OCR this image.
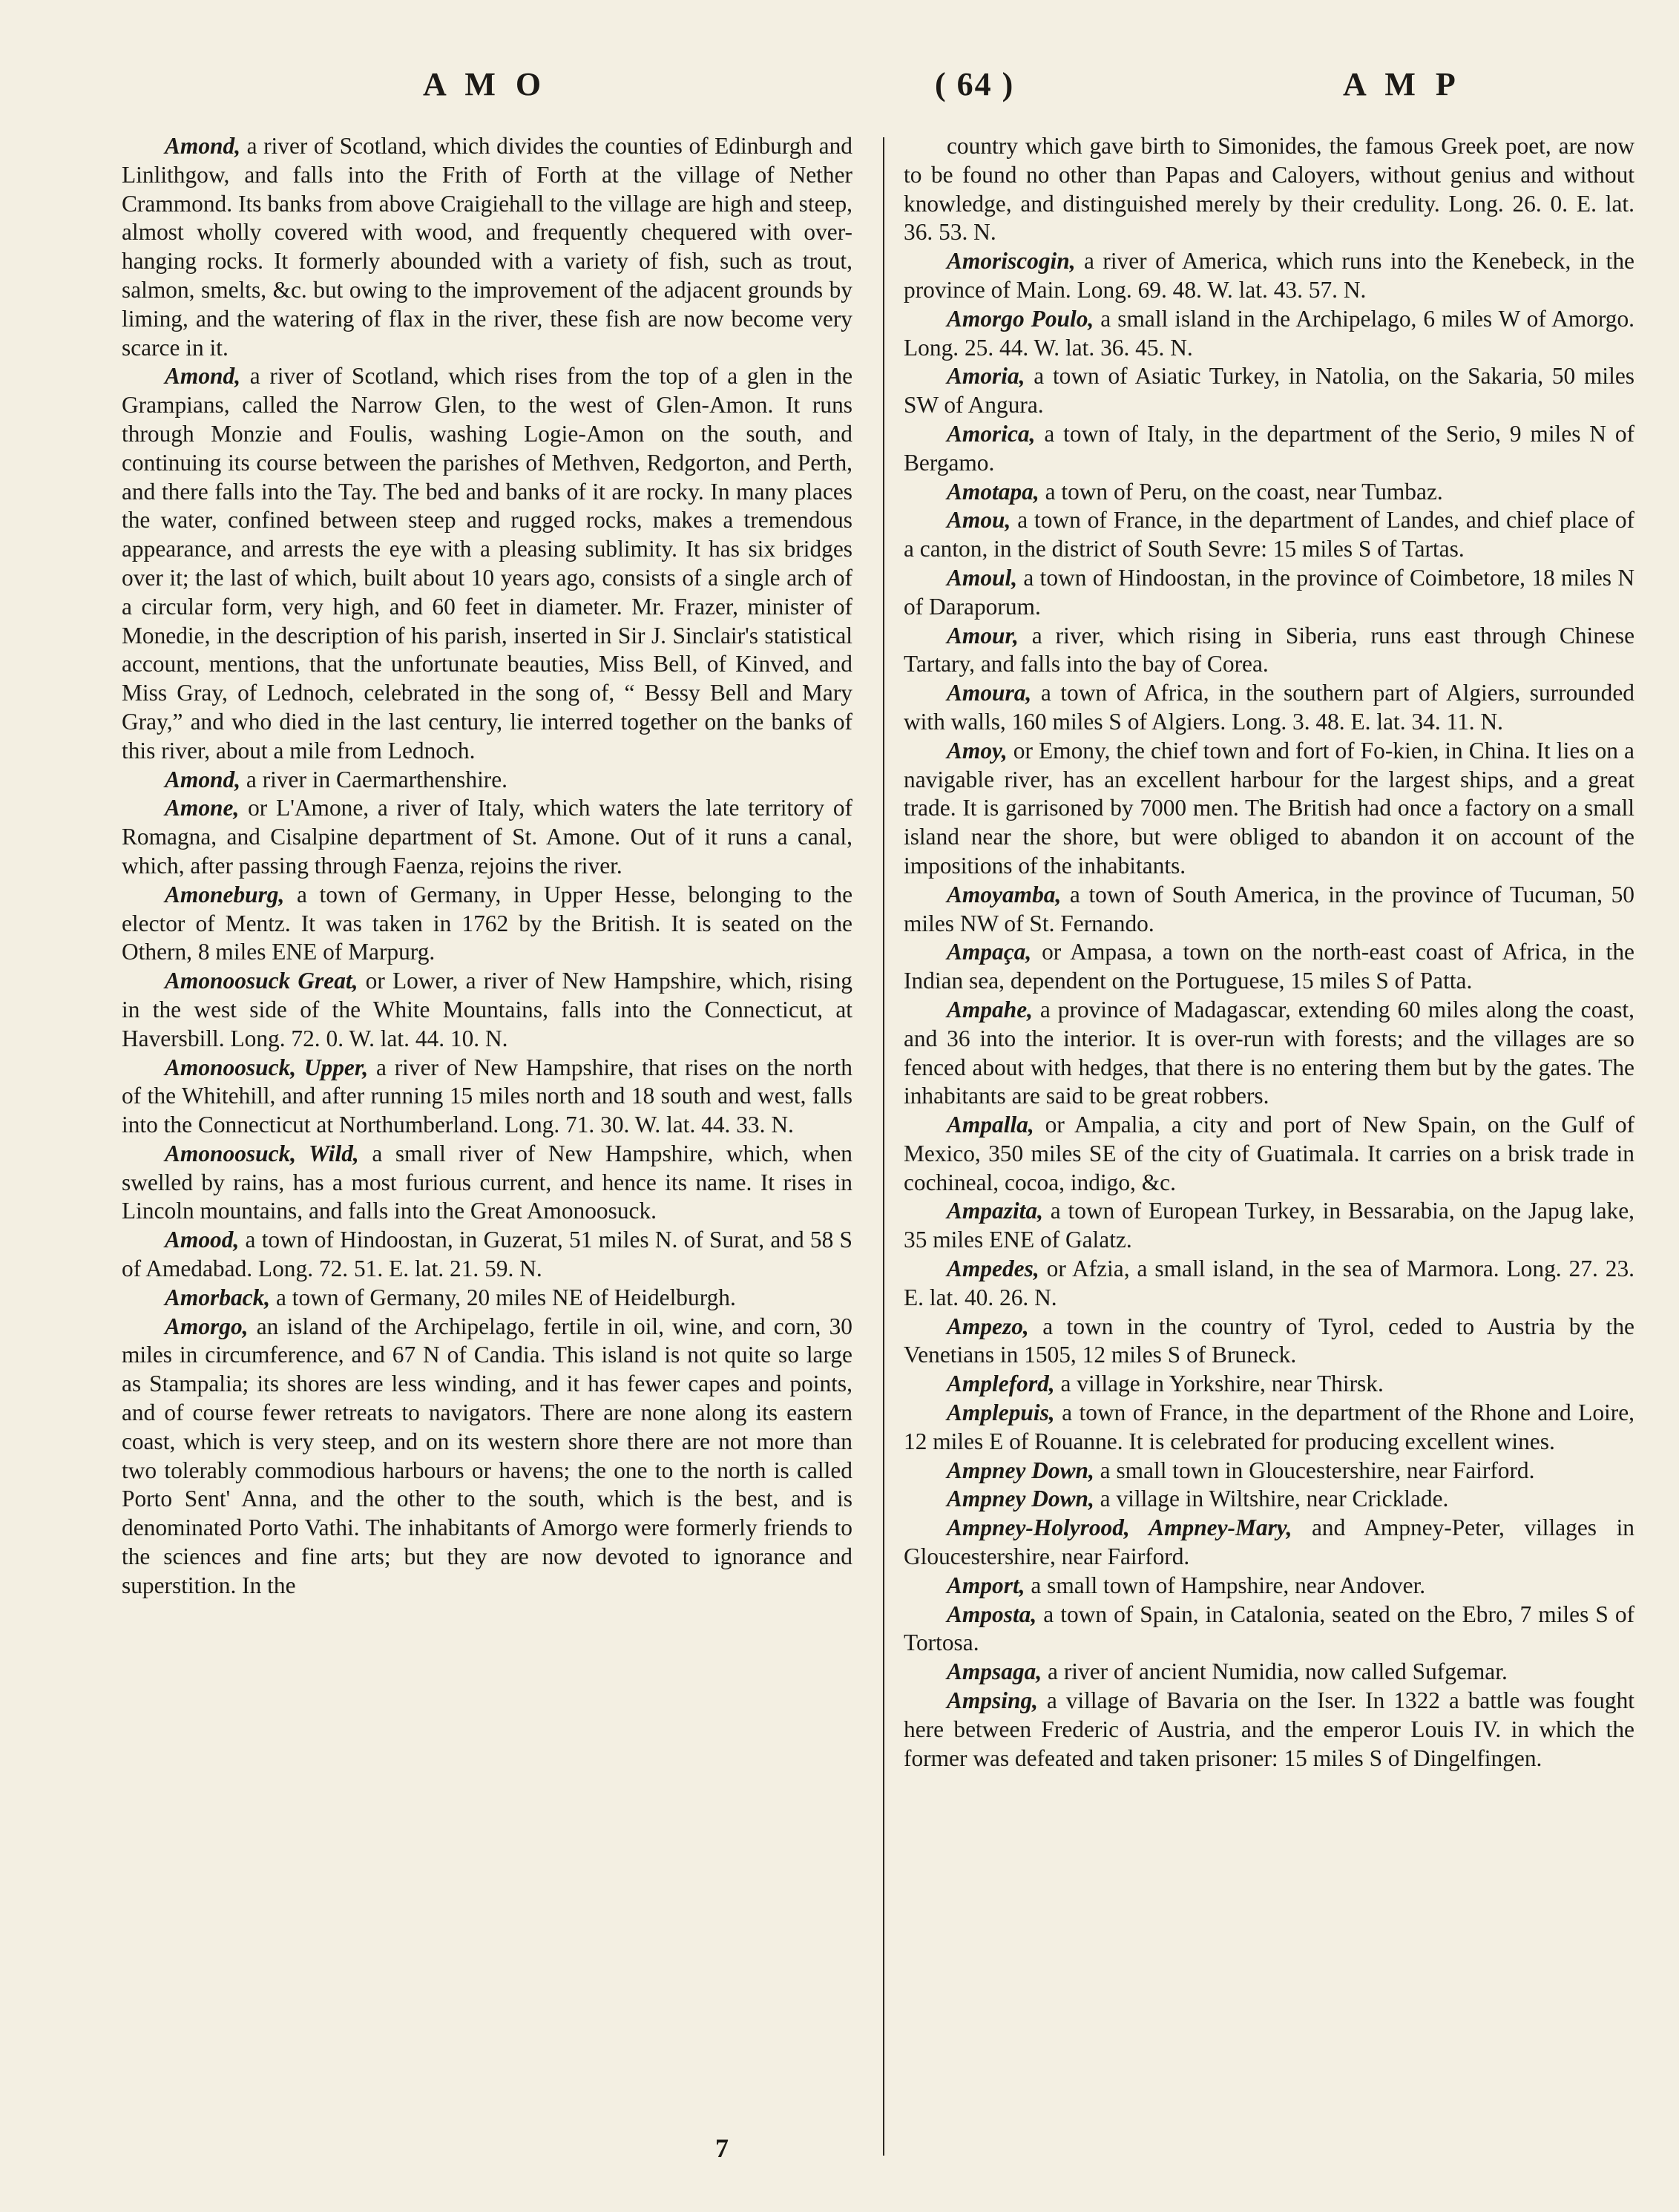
A M O	( 64 )	A M P

Amond, a river of Scotland, which divides the counties of Edinburgh and Linlithgow, and falls into the Frith of Forth at the village of Nether Crammond. Its banks from above Craigiehall to the village are high and steep, almost wholly covered with wood, and frequently chequered with over-hanging rocks. It formerly abounded with a variety of fish, such as trout, salmon, smelts, &c. but owing to the improvement of the adjacent grounds by liming, and the watering of flax in the river, these fish are now become very scarce in it.

Amond, a river of Scotland, which rises from the top of a glen in the Grampians, called the Narrow Glen, to the west of Glen-Amon. It runs through Monzie and Foulis, washing Logie-Amon on the south, and continuing its course between the parishes of Methven, Redgorton, and Perth, and there falls into the Tay. The bed and banks of it are rocky. In many places the water, confined between steep and rugged rocks, makes a tremendous appearance, and arrests the eye with a pleasing sublimity. It has six bridges over it; the last of which, built about 10 years ago, consists of a single arch of a circular form, very high, and 60 feet in diameter. Mr. Frazer, minister of Monedie, in the description of his parish, inserted in Sir J. Sinclair's statistical account, mentions, that the unfortunate beauties, Miss Bell, of Kinved, and Miss Gray, of Lednoch, celebrated in the song of, “ Bessy Bell and Mary Gray,” and who died in the last century, lie interred together on the banks of this river, about a mile from Lednoch.

Amond, a river in Caermarthenshire.

Amone, or L'Amone, a river of Italy, which waters the late territory of Romagna, and Cisalpine department of St. Amone. Out of it runs a canal, which, after passing through Faenza, rejoins the river.

Amoneburg, a town of Germany, in Upper Hesse, belonging to the elector of Mentz. It was taken in 1762 by the British. It is seated on the Othern, 8 miles ENE of Marpurg.

Amonoosuck Great, or Lower, a river of New Hampshire, which, rising in the west side of the White Mountains, falls into the Connecticut, at Haversbill. Long. 72. 0. W. lat. 44. 10. N.

Amonoosuck, Upper, a river of New Hampshire, that rises on the north of the Whitehill, and after running 15 miles north and 18 south and west, falls into the Connecticut at Northumberland. Long. 71. 30. W. lat. 44. 33. N.

Amonoosuck, Wild, a small river of New Hampshire, which, when swelled by rains, has a most furious current, and hence its name. It rises in Lincoln mountains, and falls into the Great Amonoosuck.

Amood, a town of Hindoostan, in Guzerat, 51 miles N. of Surat, and 58 S of Amedabad. Long. 72. 51. E. lat. 21. 59. N.

Amorback, a town of Germany, 20 miles NE of Heidelburgh.

Amorgo, an island of the Archipelago, fertile in oil, wine, and corn, 30 miles in circumference, and 67 N of Candia. This island is not quite so large as Stampalia; its shores are less winding, and it has fewer capes and points, and of course fewer retreats to navigators. There are none along its eastern coast, which is very steep, and on its western shore there are not more than two tolerably commodious harbours or havens; the one to the north is called Porto Sent' Anna, and the other to the south, which is the best, and is denominated Porto Vathi. The inhabitants of Amorgo were formerly friends to the sciences and fine arts; but they are now devoted to ignorance and superstition. In the

country which gave birth to Simonides, the famous Greek poet, are now to be found no other than Papas and Caloyers, without genius and without knowledge, and distinguished merely by their credulity. Long. 26. 0. E. lat. 36. 53. N.

Amoriscogin, a river of America, which runs into the Kenebeck, in the province of Main. Long. 69. 48. W. lat. 43. 57. N.

Amorgo Poulo, a small island in the Archipelago, 6 miles W of Amorgo. Long. 25. 44. W. lat. 36. 45. N.

Amoria, a town of Asiatic Turkey, in Natolia, on the Sakaria, 50 miles SW of Angura.

Amorica, a town of Italy, in the department of the Serio, 9 miles N of Bergamo.

Amotapa, a town of Peru, on the coast, near Tumbaz.

Amou, a town of France, in the department of Landes, and chief place of a canton, in the district of South Sevre: 15 miles S of Tartas.

Amoul, a town of Hindoostan, in the province of Coimbetore, 18 miles N of Daraporum.

Amour, a river, which rising in Siberia, runs east through Chinese Tartary, and falls into the bay of Corea.

Amoura, a town of Africa, in the southern part of Algiers, surrounded with walls, 160 miles S of Algiers. Long. 3. 48. E. lat. 34. 11. N.

Amoy, or Emony, the chief town and fort of Fo-kien, in China. It lies on a navigable river, has an excellent harbour for the largest ships, and a great trade. It is garrisoned by 7000 men. The British had once a factory on a small island near the shore, but were obliged to abandon it on account of the impositions of the inhabitants.

Amoyamba, a town of South America, in the province of Tucuman, 50 miles NW of St. Fernando.

Ampaça, or Ampasa, a town on the north-east coast of Africa, in the Indian sea, dependent on the Portuguese, 15 miles S of Patta.

Ampahe, a province of Madagascar, extending 60 miles along the coast, and 36 into the interior. It is over-run with forests; and the villages are so fenced about with hedges, that there is no entering them but by the gates. The inhabitants are said to be great robbers.

Ampalla, or Ampalia, a city and port of New Spain, on the Gulf of Mexico, 350 miles SE of the city of Guatimala. It carries on a brisk trade in cochineal, cocoa, indigo, &c.

Ampazita, a town of European Turkey, in Bessarabia, on the Japug lake, 35 miles ENE of Galatz.

Ampedes, or Afzia, a small island, in the sea of Marmora. Long. 27. 23. E. lat. 40. 26. N.

Ampezo, a town in the country of Tyrol, ceded to Austria by the Venetians in 1505, 12 miles S of Bruneck.

Ampleford, a village in Yorkshire, near Thirsk.

Amplepuis, a town of France, in the department of the Rhone and Loire, 12 miles E of Rouanne. It is celebrated for producing excellent wines.

Ampney Down, a small town in Gloucestershire, near Fairford.

Ampney Down, a village in Wiltshire, near Cricklade.

Ampney-Holyrood, Ampney-Mary, and Ampney-Peter, villages in Gloucestershire, near Fairford.

Amport, a small town of Hampshire, near Andover.

Amposta, a town of Spain, in Catalonia, seated on the Ebro, 7 miles S of Tortosa.

Ampsaga, a river of ancient Numidia, now called Sufgemar.

Ampsing, a village of Bavaria on the Iser. In 1322 a battle was fought here between Frederic of Austria, and the emperor Louis IV. in which the former was defeated and taken prisoner: 15 miles S of Dingelfingen.

7
